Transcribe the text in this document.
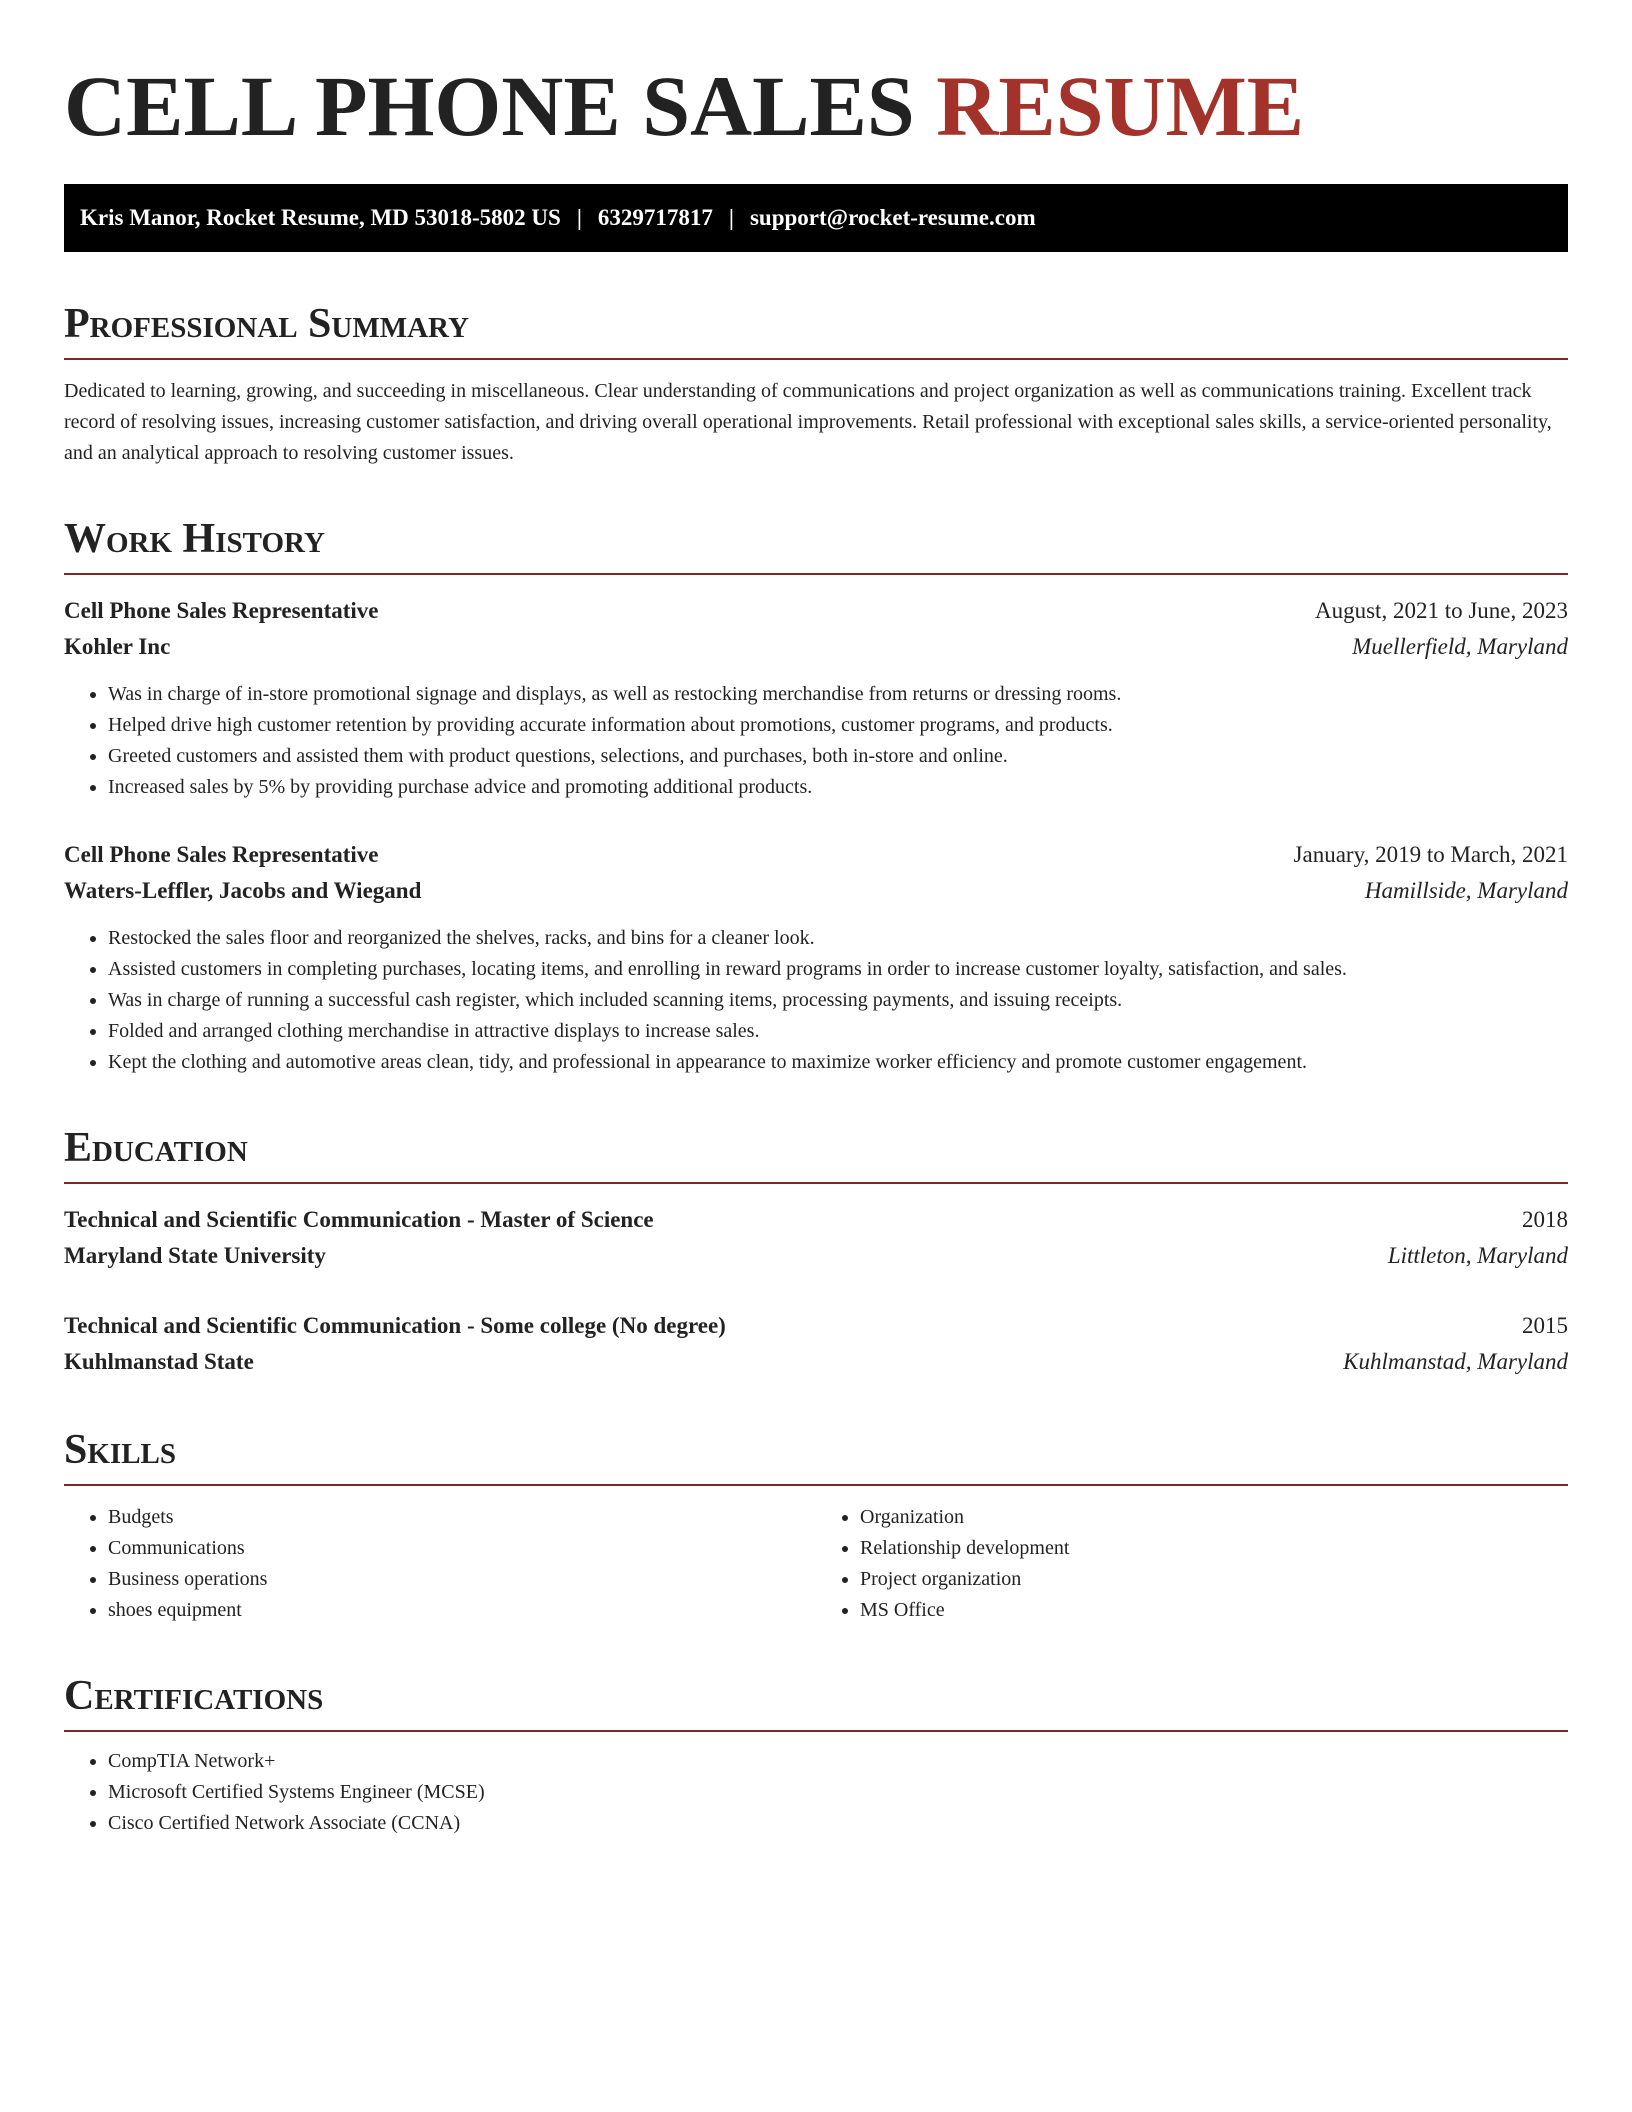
CELL PHONE SALES RESUME
Kris Manor, Rocket Resume, MD 53018-5802 US | 6329717817 | support@rocket-resume.com
Professional Summary

Dedicated to learning, growing, and succeeding in miscellaneous. Clear understanding of communications and project organization as well as communications training. Excellent track record of resolving issues, increasing customer satisfaction, and driving overall operational improvements. Retail professional with exceptional sales skills, a service-oriented personality, and an analytical approach to resolving customer issues.

Work History
Cell Phone Sales Representative	August, 2021 to June, 2023
Kohler Inc	Muellerfield, Maryland
• Was in charge of in-store promotional signage and displays, as well as restocking merchandise from returns or dressing rooms.
• Helped drive high customer retention by providing accurate information about promotions, customer programs, and products.
• Greeted customers and assisted them with product questions, selections, and purchases, both in-store and online.
• Increased sales by 5% by providing purchase advice and promoting additional products.
Cell Phone Sales Representative	January, 2019 to March, 2021
Waters-Leffler, Jacobs and Wiegand	Hamillside, Maryland
• Restocked the sales floor and reorganized the shelves, racks, and bins for a cleaner look.
• Assisted customers in completing purchases, locating items, and enrolling in reward programs in order to increase customer loyalty, satisfaction, and sales.
• Was in charge of running a successful cash register, which included scanning items, processing payments, and issuing receipts.
• Folded and arranged clothing merchandise in attractive displays to increase sales.
• Kept the clothing and automotive areas clean, tidy, and professional in appearance to maximize worker efficiency and promote customer engagement.
Education
Technical and Scientific Communication - Master of Science	2018
Maryland State University	Littleton, Maryland
Technical and Scientific Communication - Some college (No degree)	2015
Kuhlmanstad State	Kuhlmanstad, Maryland
Skills
• Budgets
• Communications
• Business operations
• shoes equipment
• Organization
• Relationship development
• Project organization
• MS Office
Certifications
• CompTIA Network+
• Microsoft Certified Systems Engineer (MCSE)
• Cisco Certified Network Associate (CCNA)
